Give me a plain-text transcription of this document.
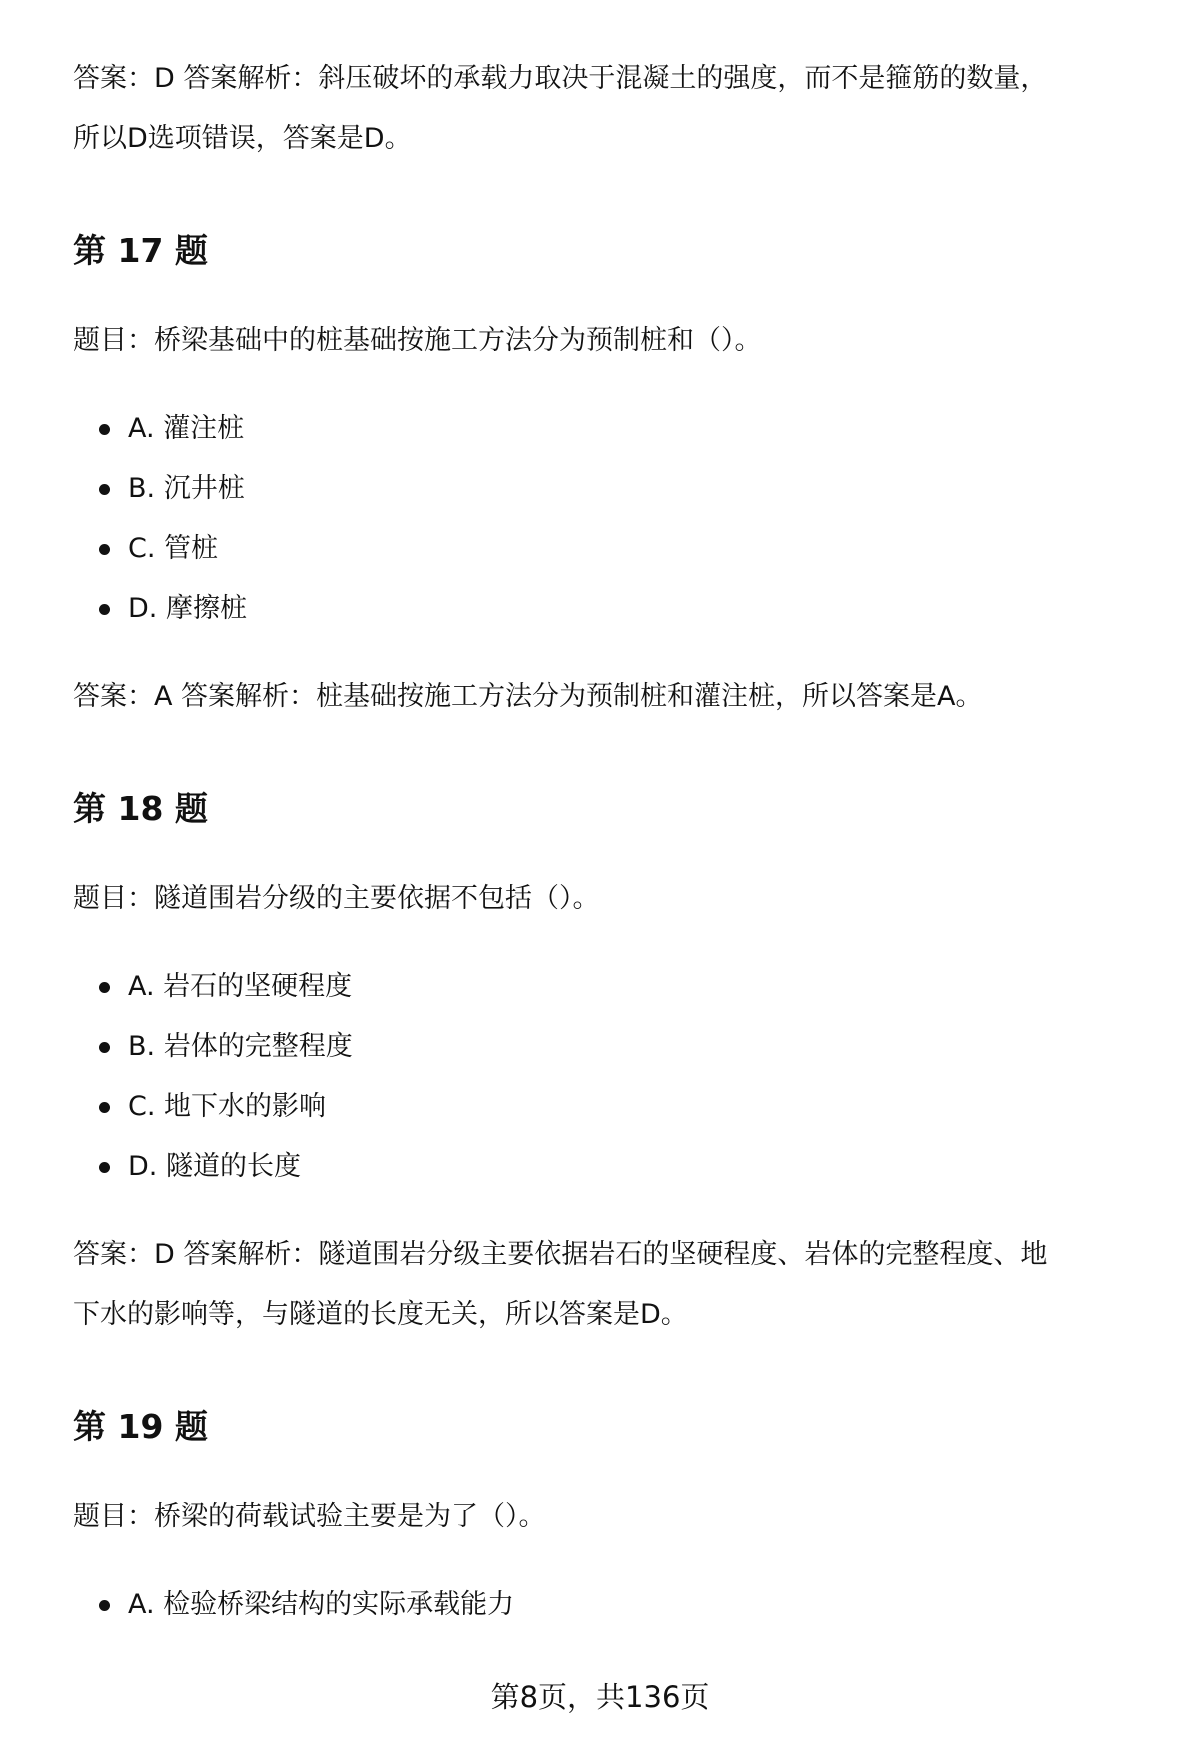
答案：D 答案解析：斜压破坏的承载力取决于混凝土的强度，而不是箍筋的数量，

所以D选项错误，答案是D。

第 17 题

题目：桥梁基础中的桩基础按施工方法分为预制桩和（）。

A. 灌注桩
B. 沉井桩
C. 管桩
D. 摩擦桩

答案：A 答案解析：桩基础按施工方法分为预制桩和灌注桩，所以答案是A。

第 18 题

题目：隧道围岩分级的主要依据不包括（）。

A. 岩石的坚硬程度
B. 岩体的完整程度
C. 地下水的影响
D. 隧道的长度

答案：D 答案解析：隧道围岩分级主要依据岩石的坚硬程度、岩体的完整程度、地

下水的影响等，与隧道的长度无关，所以答案是D。

第 19 题

题目：桥梁的荷载试验主要是为了（）。

A. 检验桥梁结构的实际承载能力
第8页，共136页
